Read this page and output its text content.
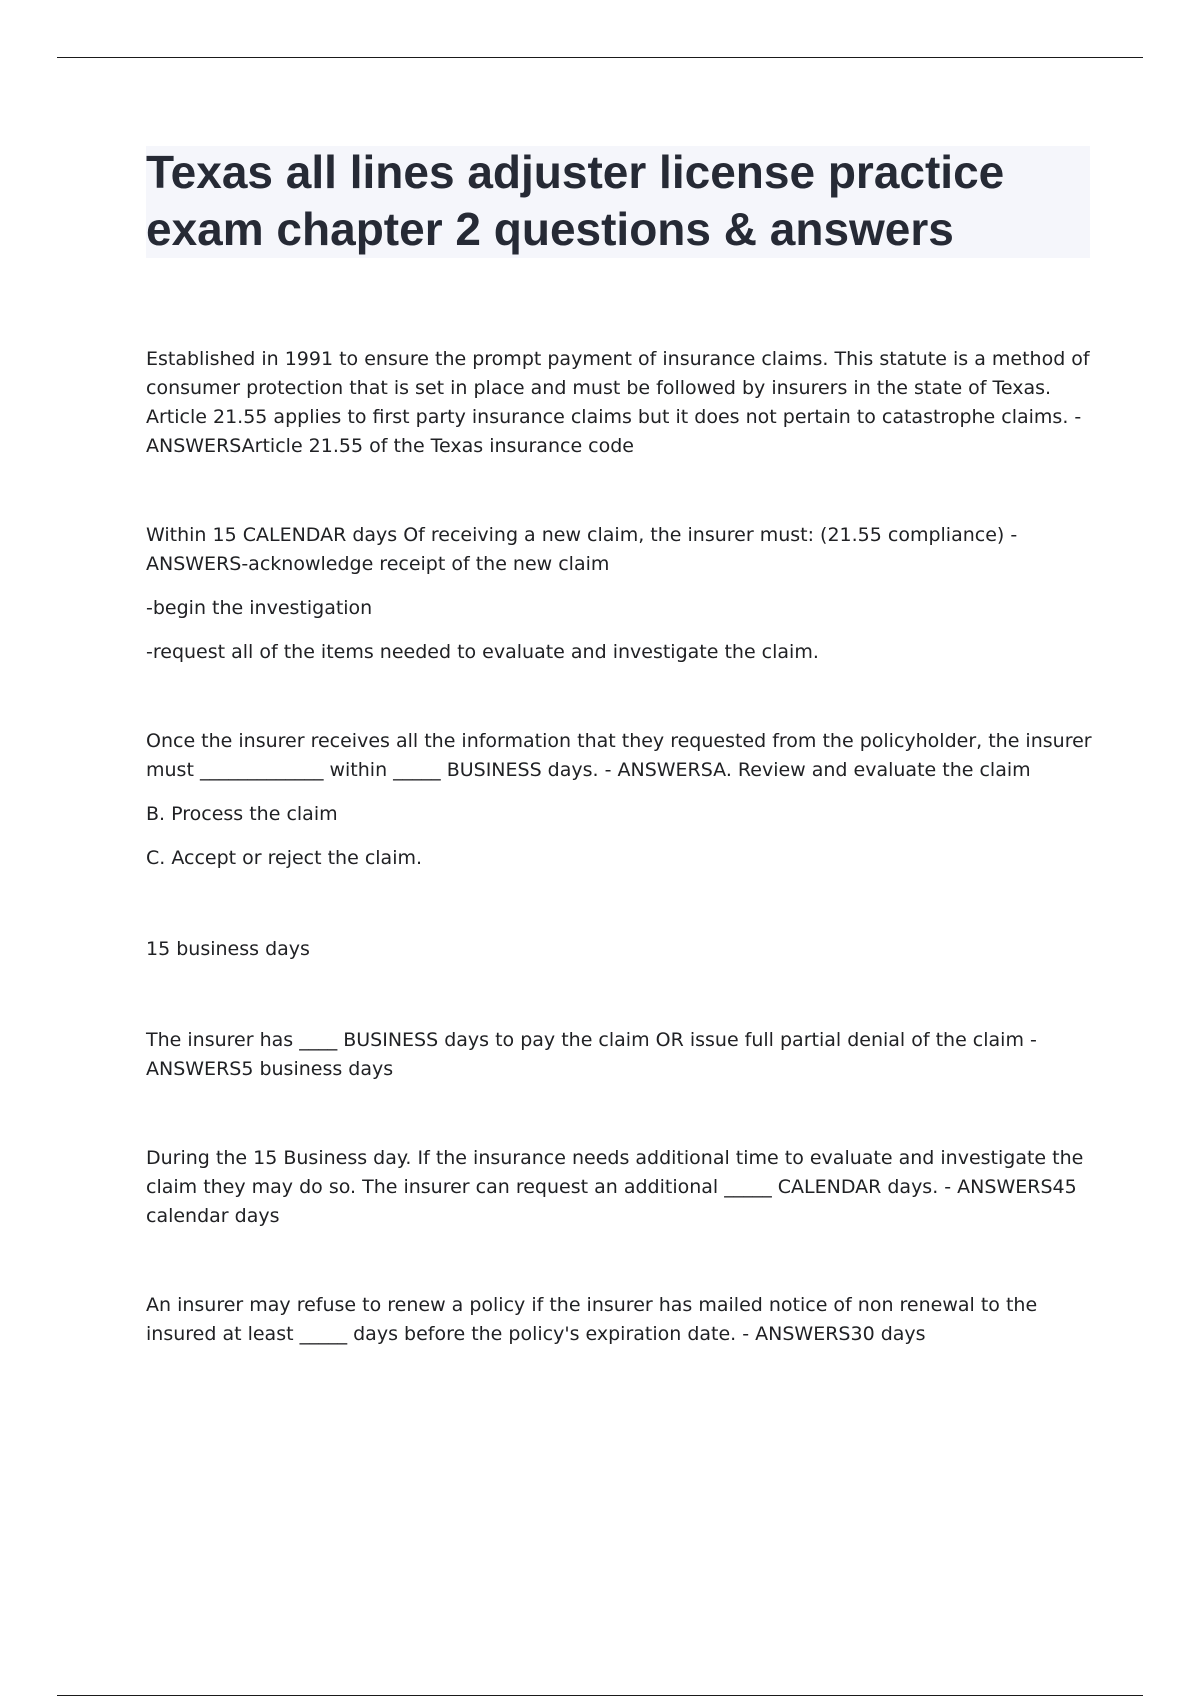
Texas all lines adjuster license practice exam chapter 2 questions & answers

Established in 1991 to ensure the prompt payment of insurance claims. This statute is a method of consumer protection that is set in place and must be followed by insurers in the state of Texas. Article 21.55 applies to first party insurance claims but it does not pertain to catastrophe claims. - ANSWERSArticle 21.55 of the Texas insurance code

Within 15 CALENDAR days Of receiving a new claim, the insurer must: (21.55 compliance) - ANSWERS-acknowledge receipt of the new claim

-begin the investigation

-request all of the items needed to evaluate and investigate the claim.

Once the insurer receives all the information that they requested from the policyholder, the insurer must _____________ within _____ BUSINESS days. - ANSWERSA. Review and evaluate the claim

B. Process the claim

C. Accept or reject the claim.

15 business days

The insurer has ____ BUSINESS days to pay the claim OR issue full partial denial of the claim - ANSWERS5 business days

During the 15 Business day. If the insurance needs additional time to evaluate and investigate the claim they may do so. The insurer can request an additional _____ CALENDAR days. - ANSWERS45 calendar days

An insurer may refuse to renew a policy if the insurer has mailed notice of non renewal to the insured at least _____ days before the policy's expiration date. - ANSWERS30 days
